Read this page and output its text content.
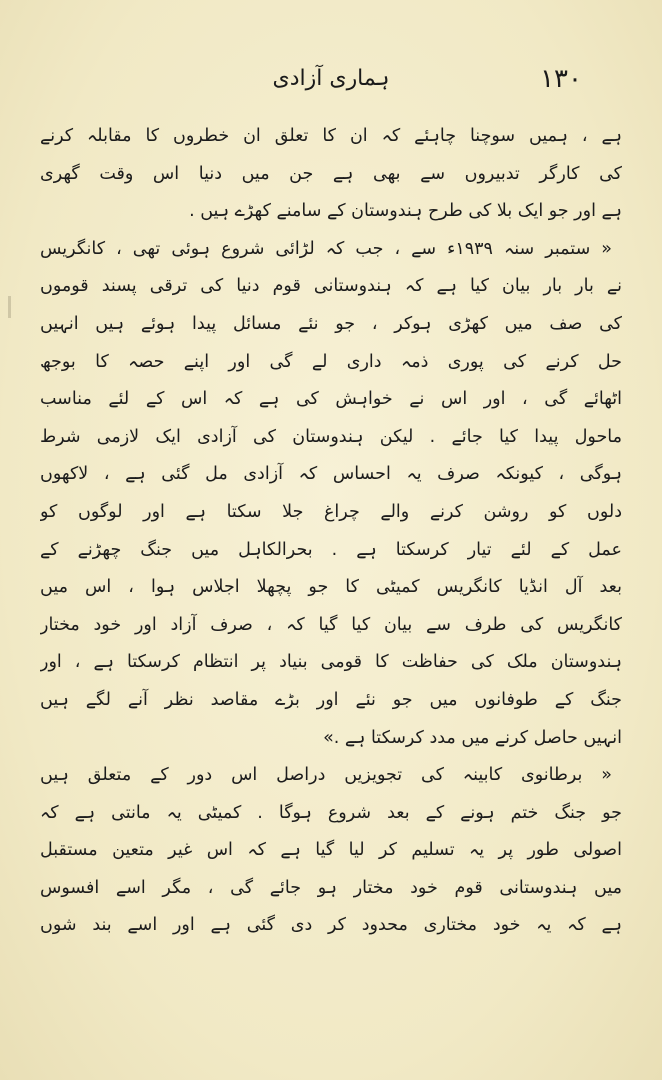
١٣٠
ہماری آزادی
ہے ، ہمیں سوچنا چاہئے کہ ان کا تعلق ان خطروں کا مقابلہ کرنے
کی کارگر تدبیروں سے بھی ہے جن میں دنیا اس وقت گھری
ہے اور جو ایک بلا کی طرح ہندوستان کے سامنے کھڑے ہیں .
« ستمبر سنہ ١٩٣٩ء سے ، جب کہ لڑائی شروع ہوئی تھی ، کانگریس
نے بار بار بیان کیا ہے کہ ہندوستانی قوم دنیا کی ترقی پسند قوموں
کی صف میں کھڑی ہوکر ، جو نئے مسائل پیدا ہوئے ہیں انہیں
حل کرنے کی پوری ذمہ داری لے گی اور اپنے حصہ کا بوجھ
اٹھائے گی ، اور اس نے خواہش کی ہے کہ اس کے لئے مناسب
ماحول پیدا کیا جائے . لیکن ہندوستان کی آزادی ایک لازمی شرط
ہوگی ، کیونکہ صرف یہ احساس کہ آزادی مل گئی ہے ، لاکھوں
دلوں کو روشن کرنے والے چراغ جلا سکتا ہے اور لوگوں کو
عمل کے لئے تیار کرسکتا ہے . بحرالکاہل میں جنگ چھڑنے کے
بعد آل انڈیا کانگریس کمیٹی کا جو پچھلا اجلاس ہوا ، اس میں
کانگریس کی طرف سے بیان کیا گیا کہ ، صرف آزاد اور خود مختار
ہندوستان ملک کی حفاظت کا قومی بنیاد پر انتظام کرسکتا ہے ، اور
جنگ کے طوفانوں میں جو نئے اور بڑے مقاصد نظر آنے لگے ہیں
انہیں حاصل کرنے میں مدد کرسکتا ہے .»
« برطانوی کابینہ کی تجویزیں دراصل اس دور کے متعلق ہیں
جو جنگ ختم ہونے کے بعد شروع ہوگا . کمیٹی یہ مانتی ہے کہ
اصولی طور پر یہ تسلیم کر لیا گیا ہے کہ اس غیر متعین مستقبل
میں ہندوستانی قوم خود مختار ہو جائے گی ، مگر اسے افسوس
ہے کہ یہ خود مختاری محدود کر دی گئی ہے اور اسے بند شوں
